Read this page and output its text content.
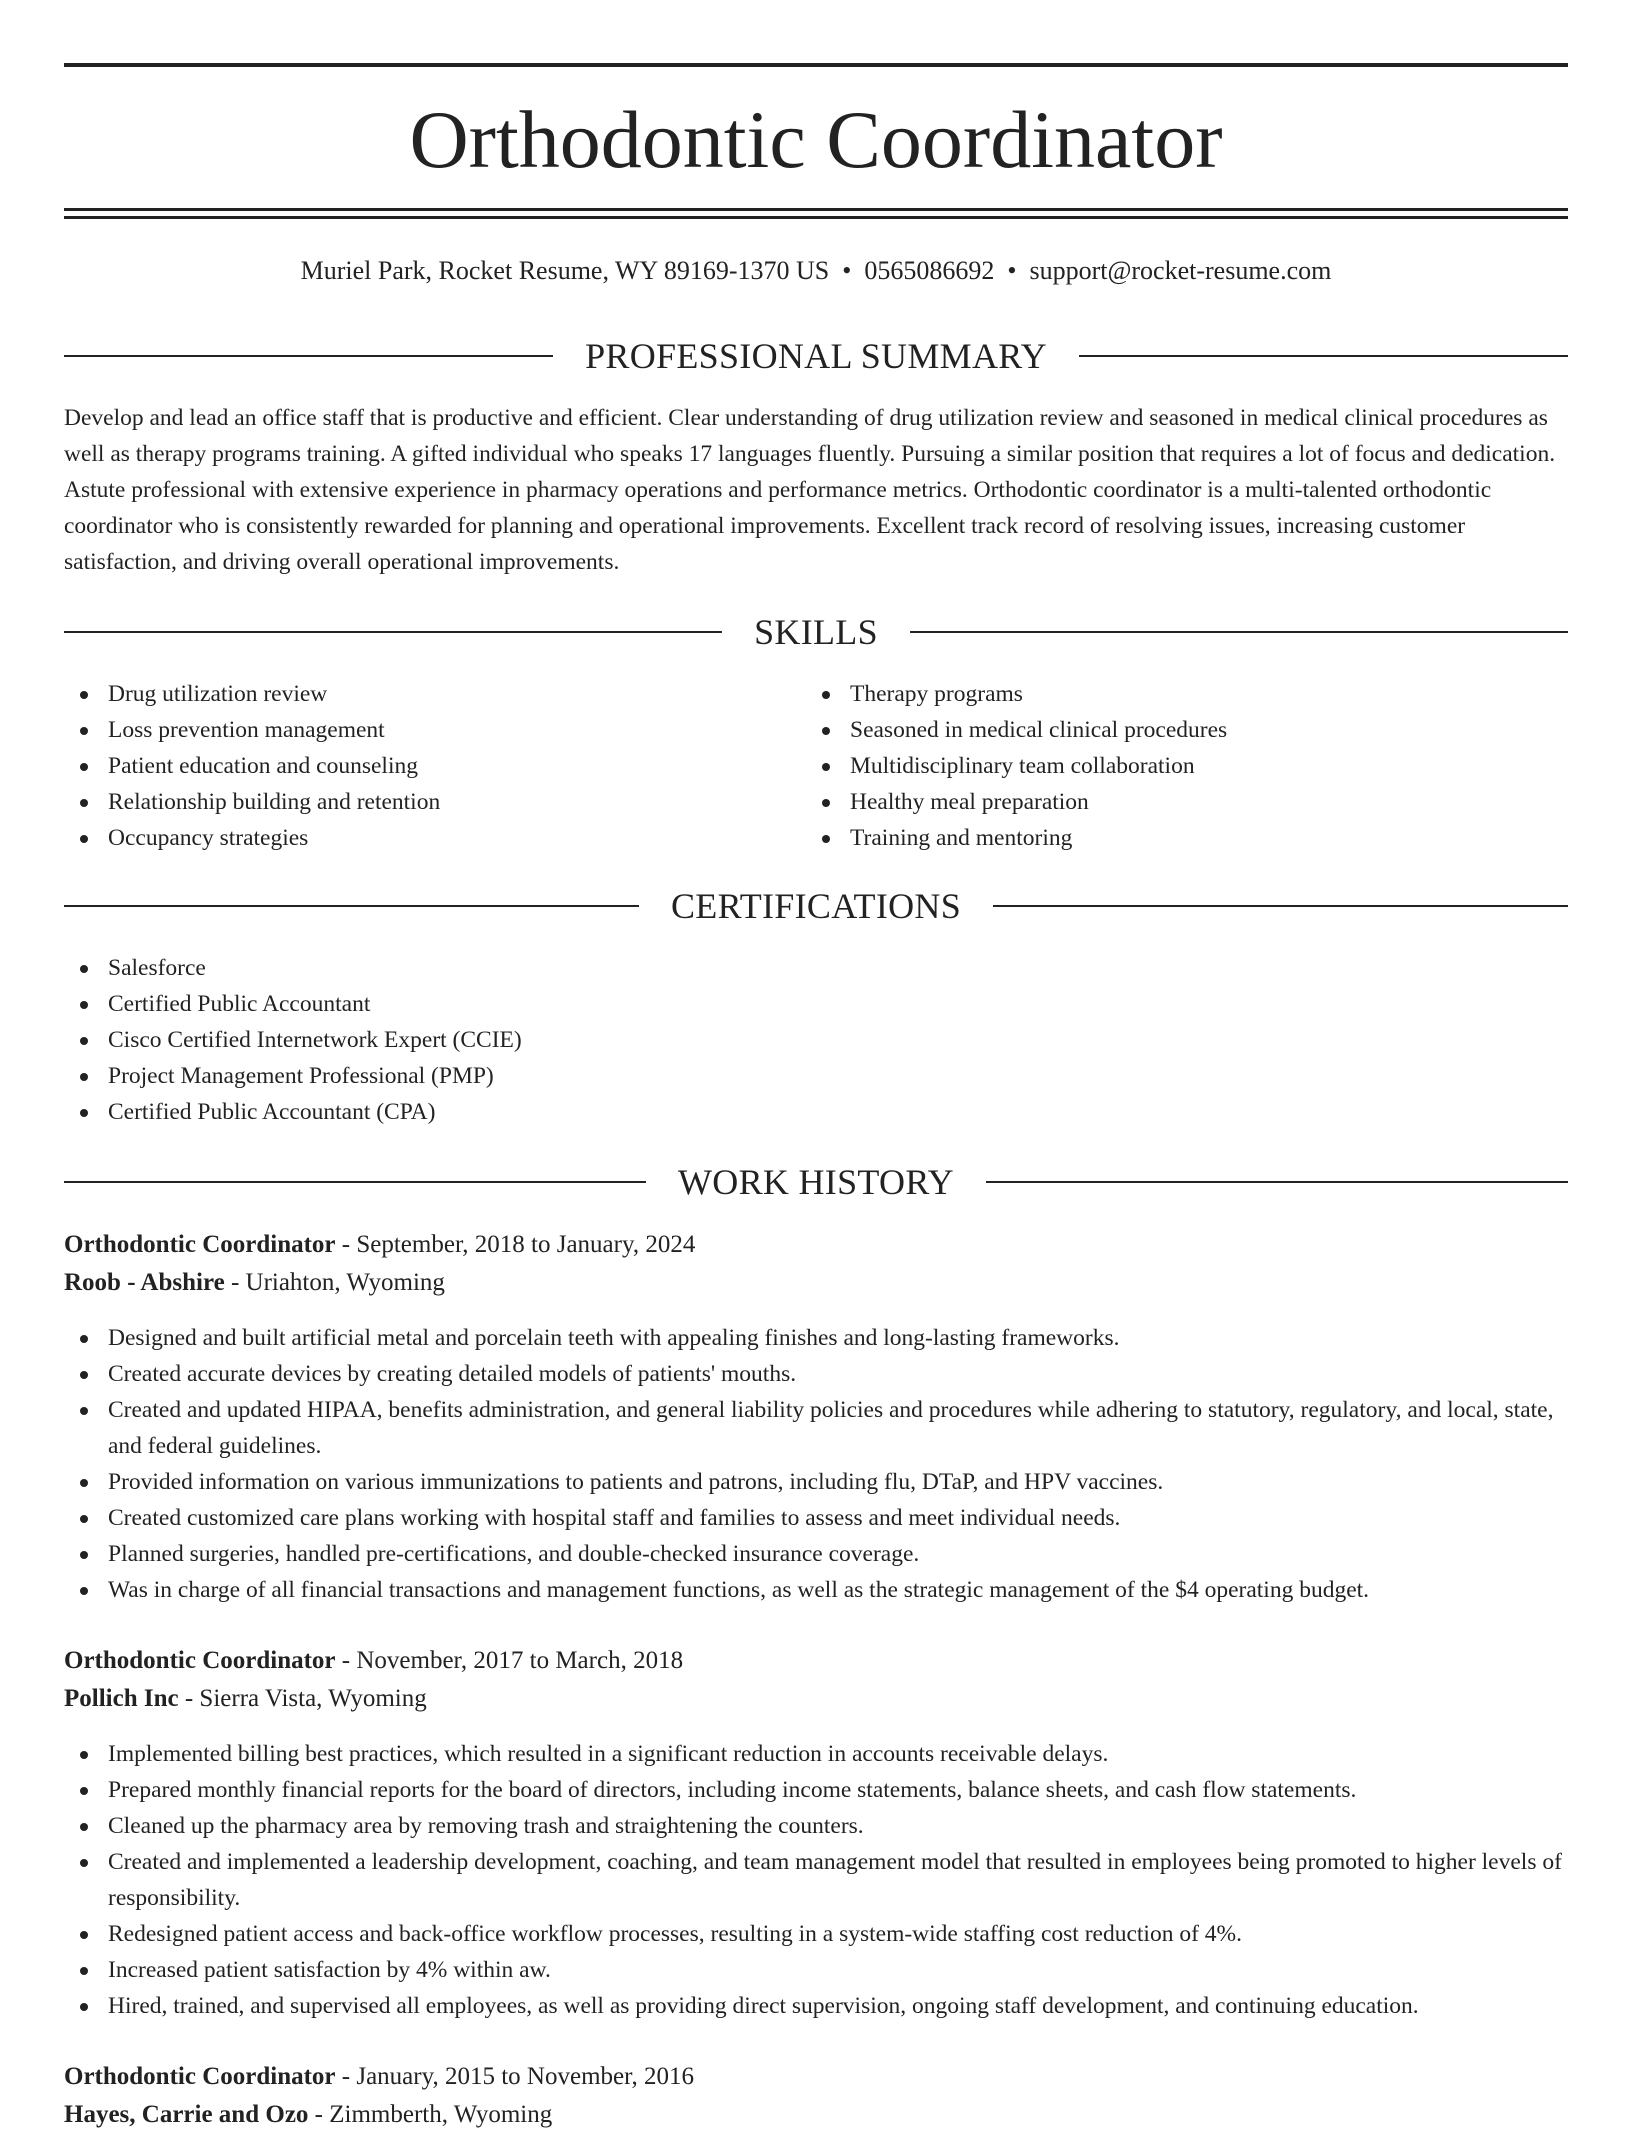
Orthodontic Coordinator
Muriel Park, Rocket Resume, WY 89169-1370 US • 0565086692 • support@rocket-resume.com
PROFESSIONAL SUMMARY

Develop and lead an office staff that is productive and efficient. Clear understanding of drug utilization review and seasoned in medical clinical procedures as well as therapy programs training. A gifted individual who speaks 17 languages fluently. Pursuing a similar position that requires a lot of focus and dedication. Astute professional with extensive experience in pharmacy operations and performance metrics. Orthodontic coordinator is a multi-talented orthodontic coordinator who is consistently rewarded for planning and operational improvements. Excellent track record of resolving issues, increasing customer satisfaction, and driving overall operational improvements.

SKILLS
Drug utilization review
Loss prevention management
Patient education and counseling
Relationship building and retention
Occupancy strategies
Therapy programs
Seasoned in medical clinical procedures
Multidisciplinary team collaboration
Healthy meal preparation
Training and mentoring
CERTIFICATIONS
Salesforce
Certified Public Accountant
Cisco Certified Internetwork Expert (CCIE)
Project Management Professional (PMP)
Certified Public Accountant (CPA)
WORK HISTORY
Orthodontic Coordinator - September, 2018 to January, 2024
Roob - Abshire - Uriahton, Wyoming
Designed and built artificial metal and porcelain teeth with appealing finishes and long-lasting frameworks.
Created accurate devices by creating detailed models of patients' mouths.
Created and updated HIPAA, benefits administration, and general liability policies and procedures while adhering to statutory, regulatory, and local, state, and federal guidelines.
Provided information on various immunizations to patients and patrons, including flu, DTaP, and HPV vaccines.
Created customized care plans working with hospital staff and families to assess and meet individual needs.
Planned surgeries, handled pre-certifications, and double-checked insurance coverage.
Was in charge of all financial transactions and management functions, as well as the strategic management of the $4 operating budget.
Orthodontic Coordinator - November, 2017 to March, 2018
Pollich Inc - Sierra Vista, Wyoming
Implemented billing best practices, which resulted in a significant reduction in accounts receivable delays.
Prepared monthly financial reports for the board of directors, including income statements, balance sheets, and cash flow statements.
Cleaned up the pharmacy area by removing trash and straightening the counters.
Created and implemented a leadership development, coaching, and team management model that resulted in employees being promoted to higher levels of responsibility.
Redesigned patient access and back-office workflow processes, resulting in a system-wide staffing cost reduction of 4%.
Increased patient satisfaction by 4% within aw.
Hired, trained, and supervised all employees, as well as providing direct supervision, ongoing staff development, and continuing education.
Orthodontic Coordinator - January, 2015 to November, 2016
Hayes, Carrie and Ozo - Zimmberth, Wyoming
